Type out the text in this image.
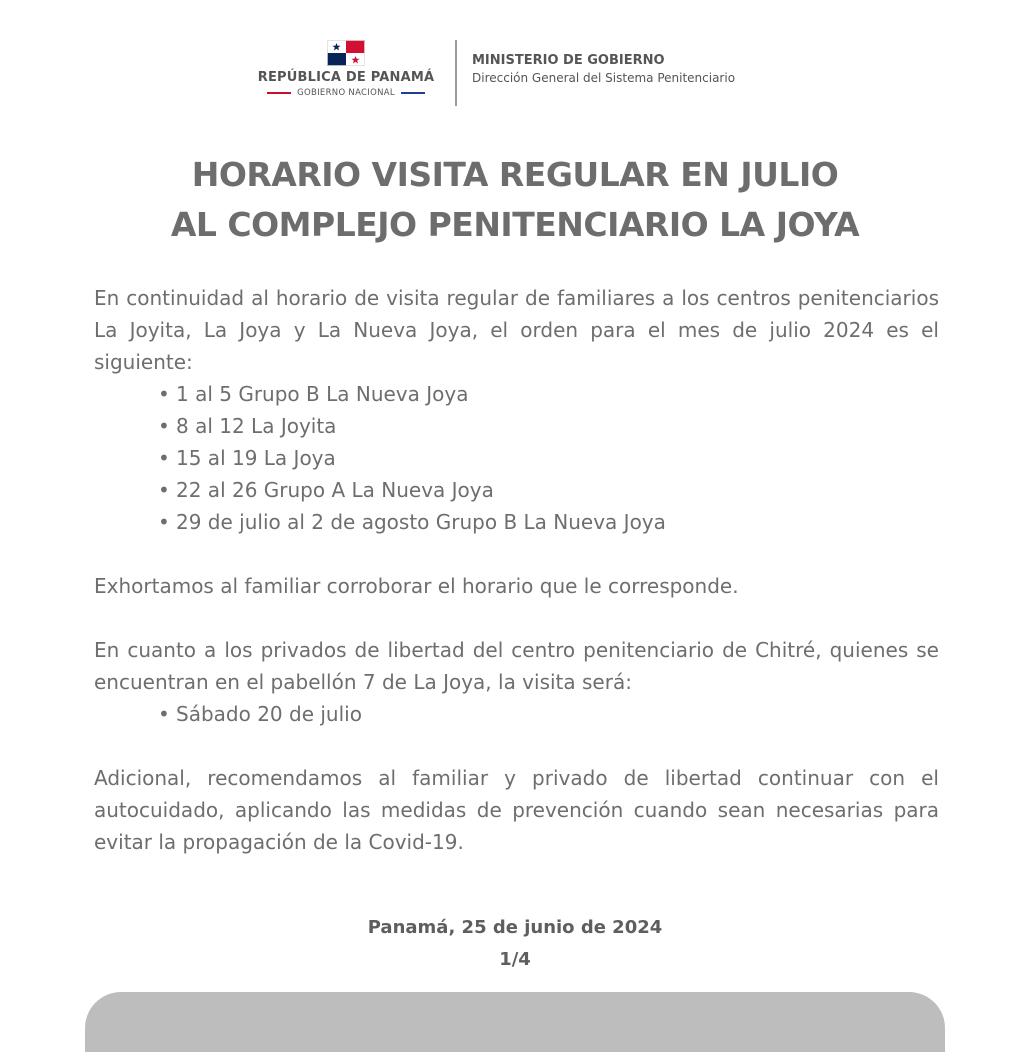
REPÚBLICA DE PANAMÁ
GOBIERNO NACIONAL
MINISTERIO DE GOBIERNO
Dirección General del Sistema Penitenciario
HORARIO VISITA REGULAR EN JULIO
AL COMPLEJO PENITENCIARIO LA JOYA

En continuidad al horario de visita regular de familiares a los centros penitenciarios La Joyita, La Joya y La Nueva Joya, el orden para el mes de julio 2024 es el siguiente:

• 1 al 5 Grupo B La Nueva Joya
• 8 al 12 La Joyita
• 15 al 19 La Joya
• 22 al 26 Grupo A La Nueva Joya
• 29 de julio al 2 de agosto Grupo B La Nueva Joya

Exhortamos al familiar corroborar el horario que le corresponde.

En cuanto a los privados de libertad del centro penitenciario de Chitré, quienes se encuentran en el pabellón 7 de La Joya, la visita será:

• Sábado 20 de julio

Adicional, recomendamos al familiar y privado de libertad continuar con el autocuidado, aplicando las medidas de prevención cuando sean necesarias para evitar la propagación de la Covid-19.

Panamá, 25 de junio de 2024
1/4
